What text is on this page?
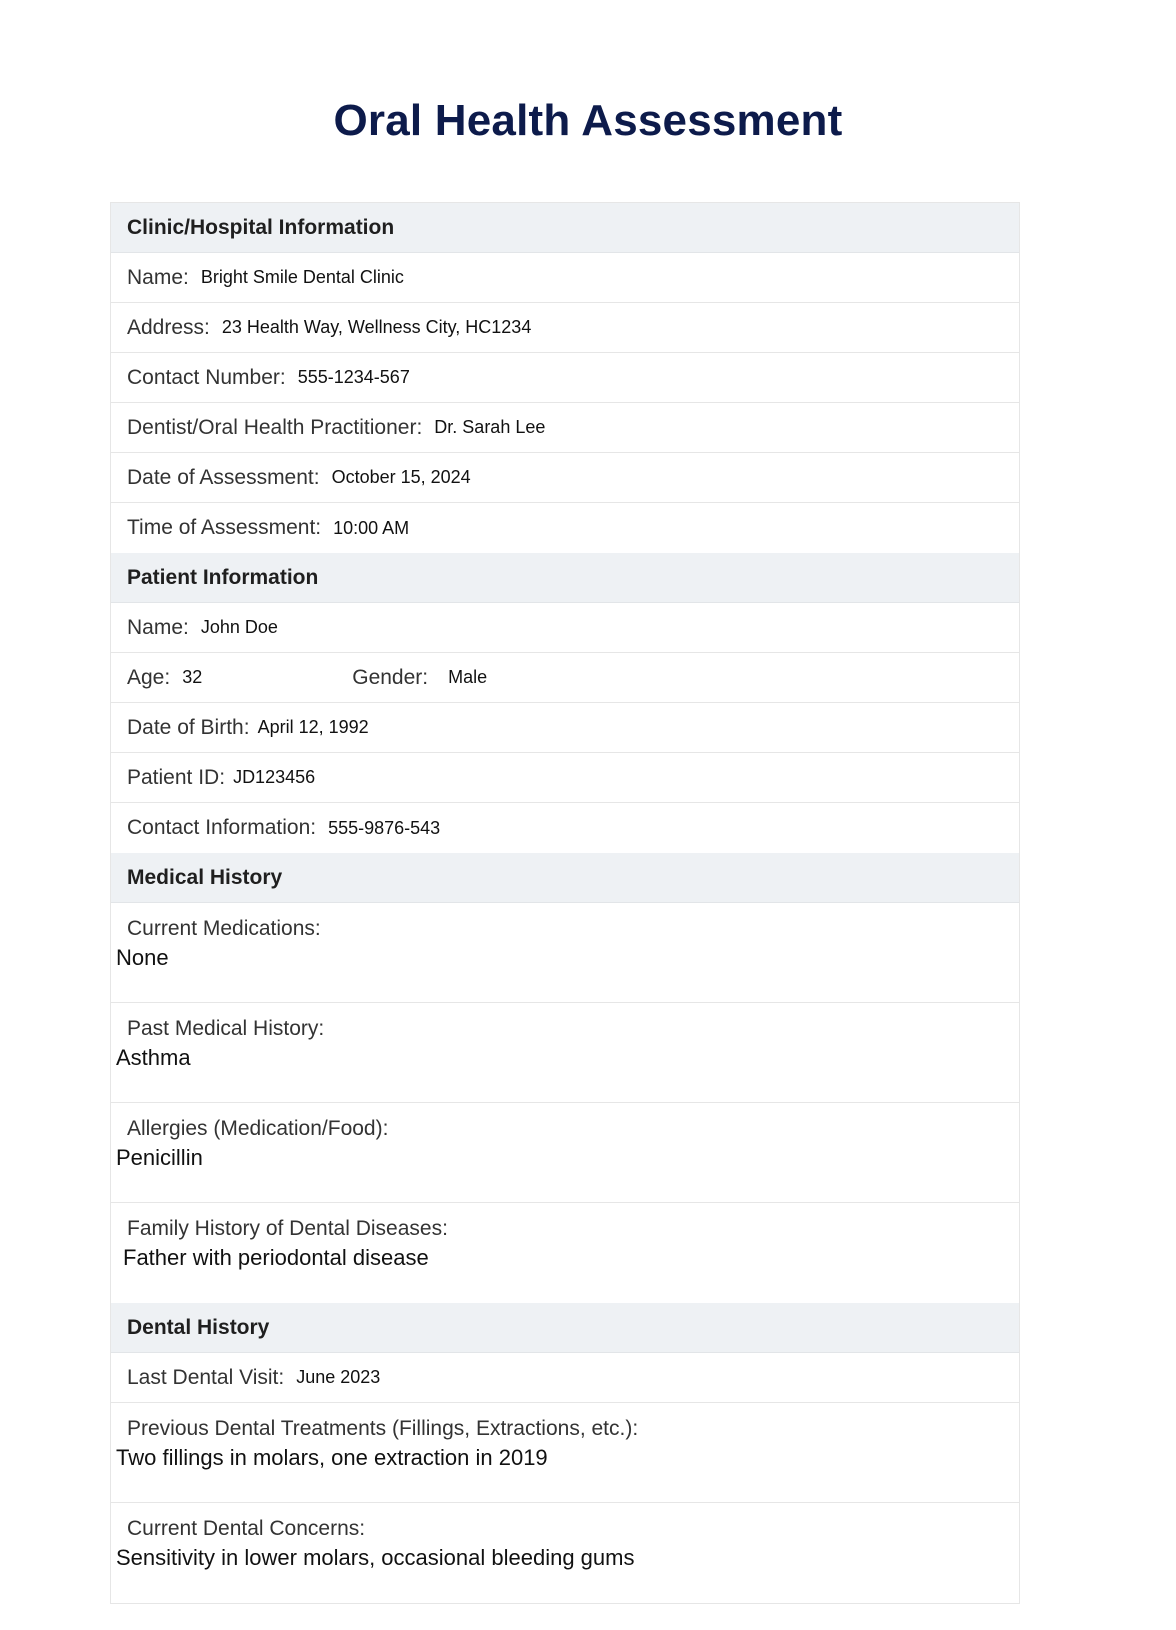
Oral Health Assessment
Clinic/Hospital Information
Name: Bright Smile Dental Clinic
Address: 23 Health Way, Wellness City, HC1234
Contact Number: 555-1234-567
Dentist/Oral Health Practitioner: Dr. Sarah Lee
Date of Assessment: October 15, 2024
Time of Assessment: 10:00 AM
Patient Information
Name: John Doe
Age: 32	Gender: Male
Date of Birth: April 12, 1992
Patient ID: JD123456
Contact Information: 555-9876-543
Medical History
Current Medications:
None
Past Medical History:
Asthma
Allergies (Medication/Food):
Penicillin
Family History of Dental Diseases:
Father with periodontal disease
Dental History
Last Dental Visit: June 2023
Previous Dental Treatments (Fillings, Extractions, etc.):
Two fillings in molars, one extraction in 2019
Current Dental Concerns:
Sensitivity in lower molars, occasional bleeding gums
